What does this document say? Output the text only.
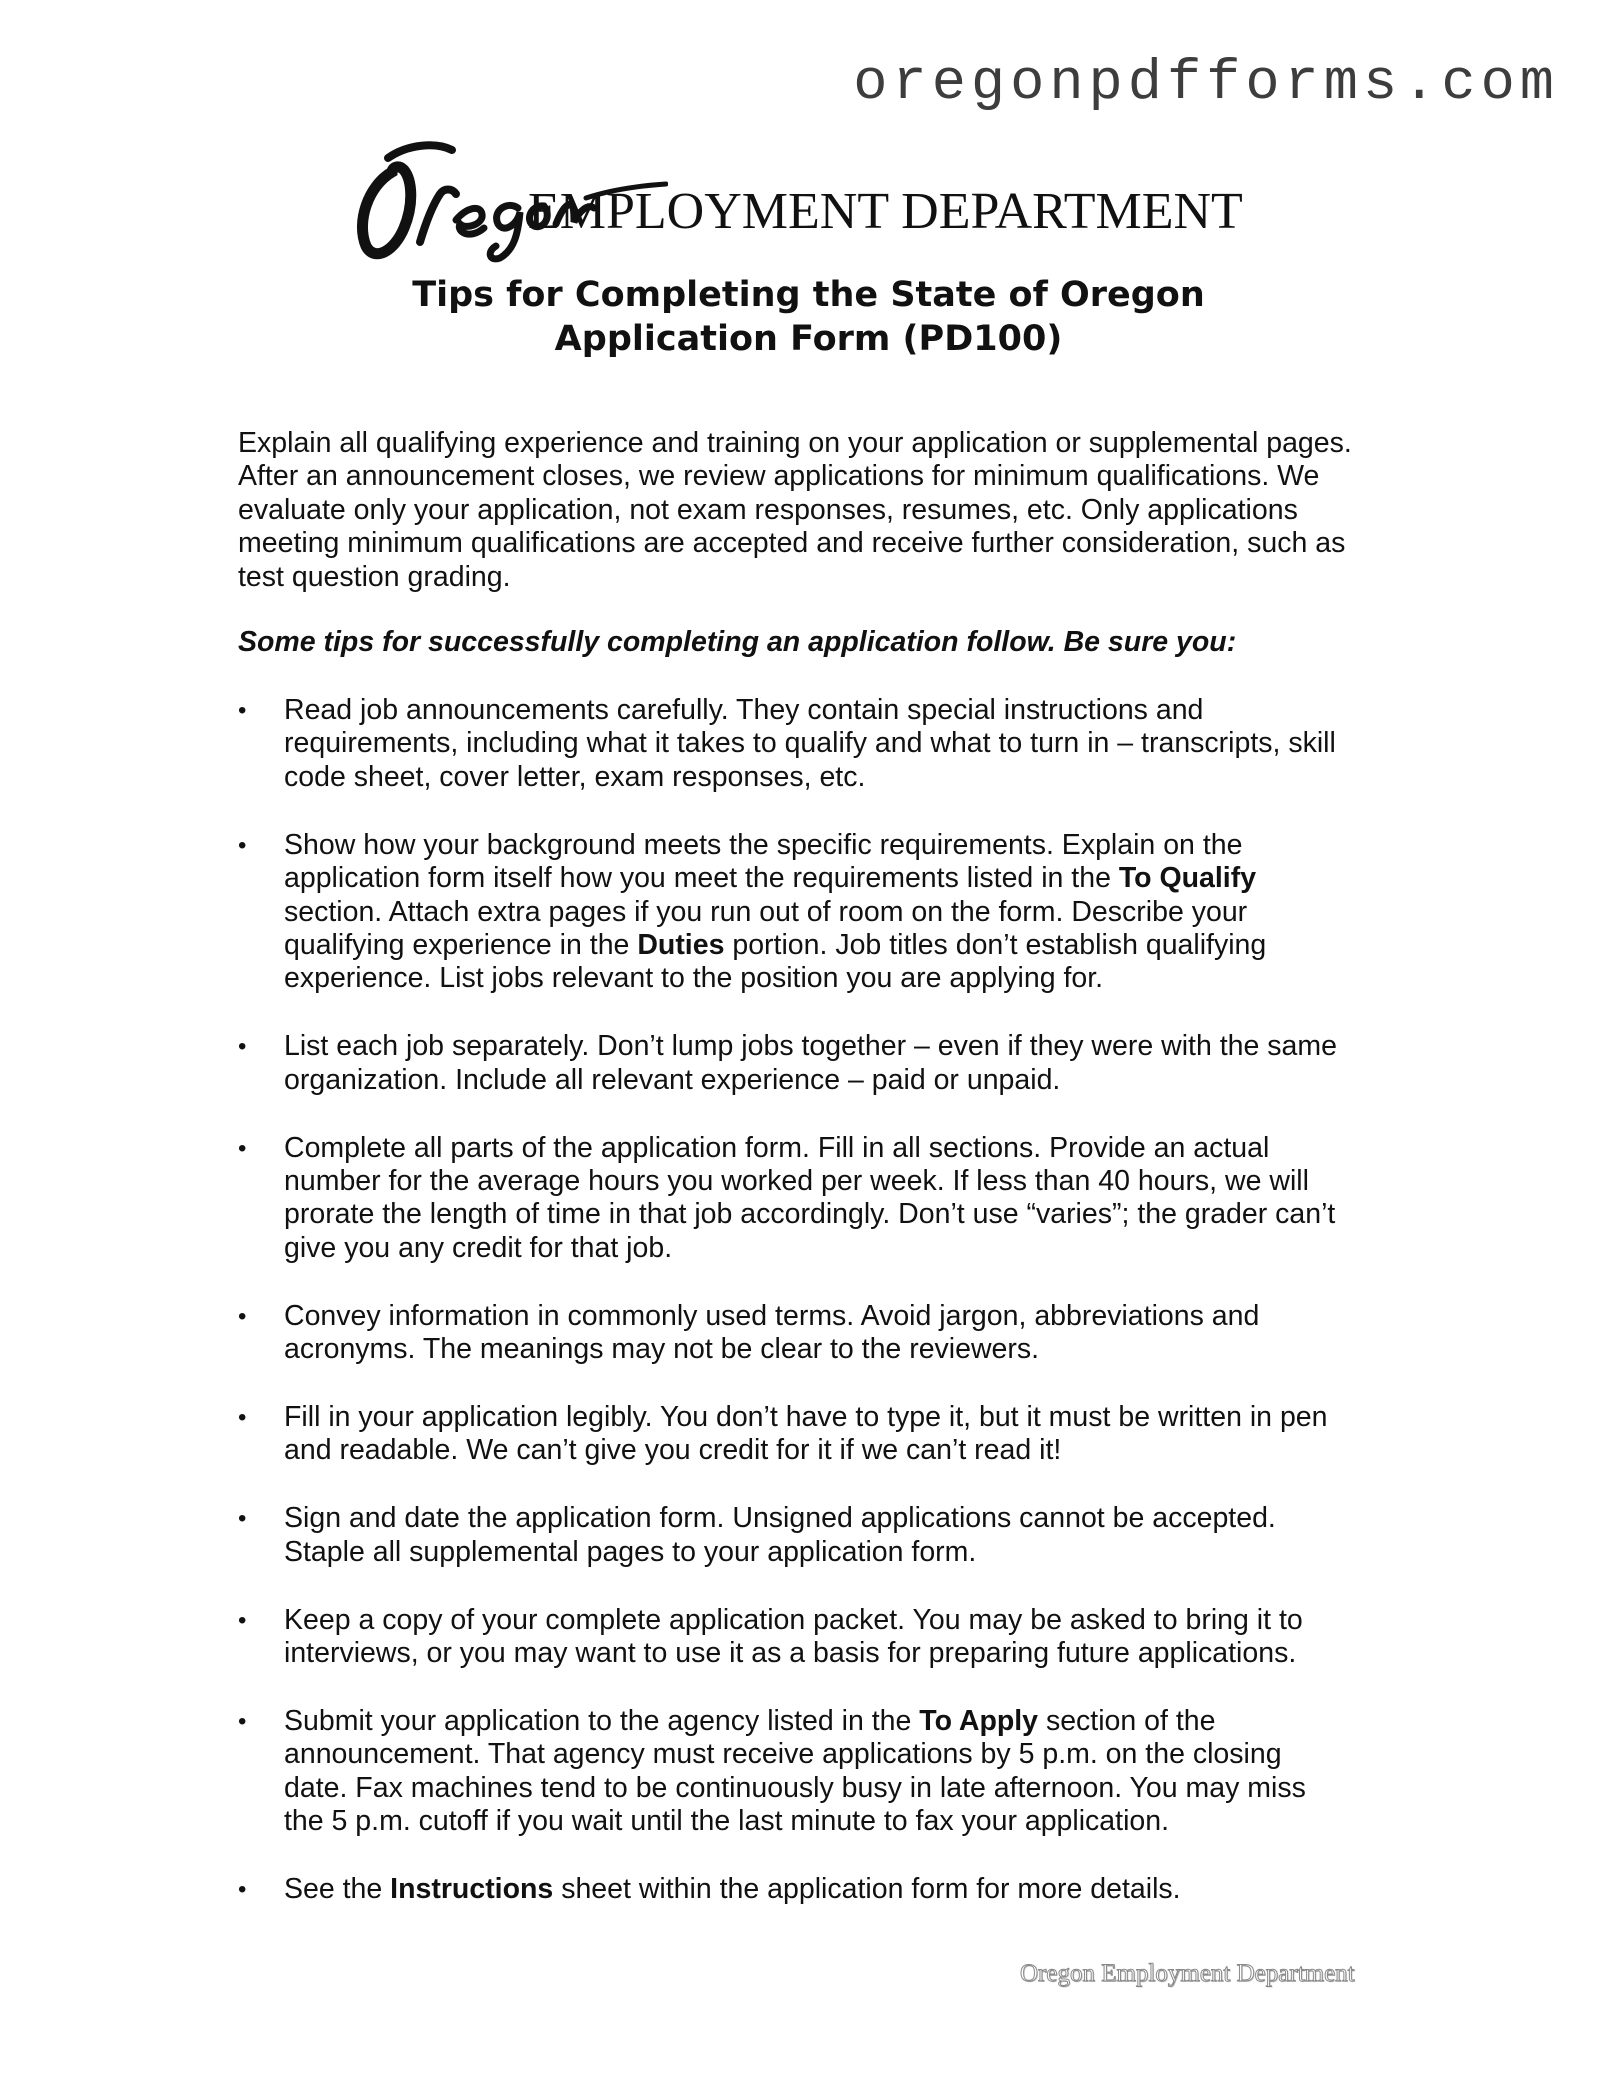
oregonpdfforms.com
EMPLOYMENT DEPARTMENT
Tips for Completing the State of Oregon
Application Form (PD100)
Explain all qualifying experience and training on your application or supplemental pages.
After an announcement closes, we review applications for minimum qualifications. We
evaluate only your application, not exam responses, resumes, etc. Only applications
meeting minimum qualifications are accepted and receive further consideration, such as
test question grading.
Some tips for successfully completing an application follow. Be sure you:
•	Read job announcements carefully. They contain special instructions and
requirements, including what it takes to qualify and what to turn in – transcripts, skill
code sheet, cover letter, exam responses, etc.
•	Show how your background meets the specific requirements. Explain on the
application form itself how you meet the requirements listed in the To Qualify
section. Attach extra pages if you run out of room on the form. Describe your
qualifying experience in the Duties portion. Job titles don’t establish qualifying
experience. List jobs relevant to the position you are applying for.
•	List each job separately. Don’t lump jobs together – even if they were with the same
organization. Include all relevant experience – paid or unpaid.
•	Complete all parts of the application form. Fill in all sections. Provide an actual
number for the average hours you worked per week. If less than 40 hours, we will
prorate the length of time in that job accordingly. Don’t use “varies”; the grader can’t
give you any credit for that job.
•	Convey information in commonly used terms. Avoid jargon, abbreviations and
acronyms. The meanings may not be clear to the reviewers.
•	Fill in your application legibly. You don’t have to type it, but it must be written in pen
and readable. We can’t give you credit for it if we can’t read it!
•	Sign and date the application form. Unsigned applications cannot be accepted.
Staple all supplemental pages to your application form.
•	Keep a copy of your complete application packet. You may be asked to bring it to
interviews, or you may want to use it as a basis for preparing future applications.
•	Submit your application to the agency listed in the To Apply section of the
announcement. That agency must receive applications by 5 p.m. on the closing
date. Fax machines tend to be continuously busy in late afternoon. You may miss
the 5 p.m. cutoff if you wait until the last minute to fax your application.
•	See the Instructions sheet within the application form for more details.
Oregon Employment Department
